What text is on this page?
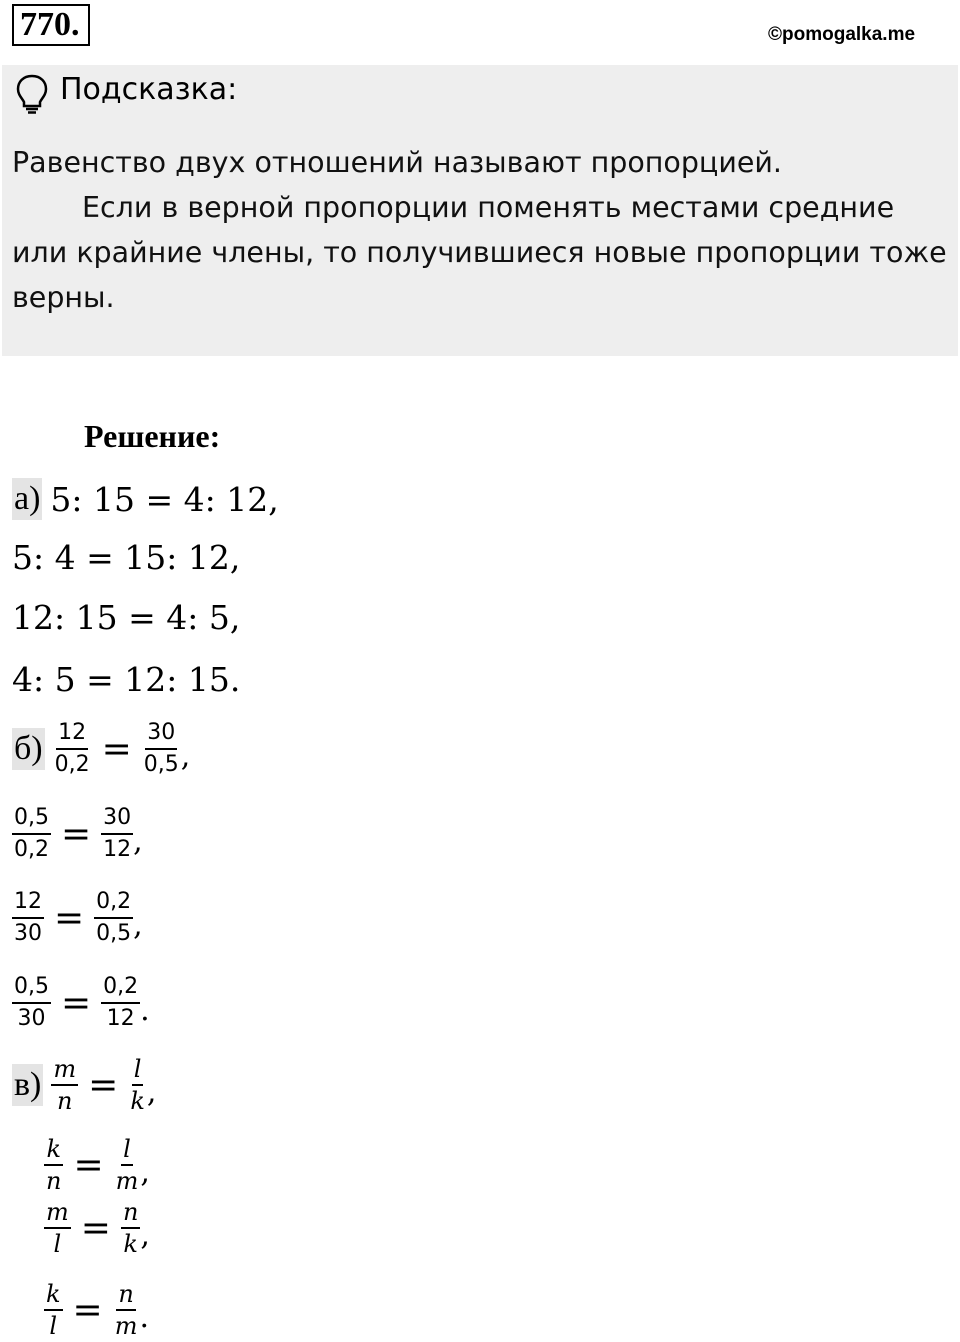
770.	©pomogalka.me
Подсказка:

Равенство двух отношений называют пропорцией.

Если в верной пропорции поменять местами средние или крайние члены, то получившиеся новые пропорции тоже верны.

Решение:
а) 5: 15 = 4: 12,
5: 4 = 15: 12,
12: 15 = 4: 5,
4: 5 = 12: 15.
$б) \frac{12}{0,2} = \frac{30}{0,5}$ ,
$\frac{0,5}{0,2} = \frac{30}{12}$ ,
$\frac{12}{30} = \frac{0,2}{0,5}$ ,
$\frac{0,5}{30} = \frac{0,2}{12}$ .
$в) \frac{m}{n} = \frac{l}{k}$ ,
$\frac{k}{n} = \frac{l}{m}$ ,
$\frac{m}{l} = \frac{n}{k}$ ,
$\frac{k}{l} = \frac{n}{m}$ .
